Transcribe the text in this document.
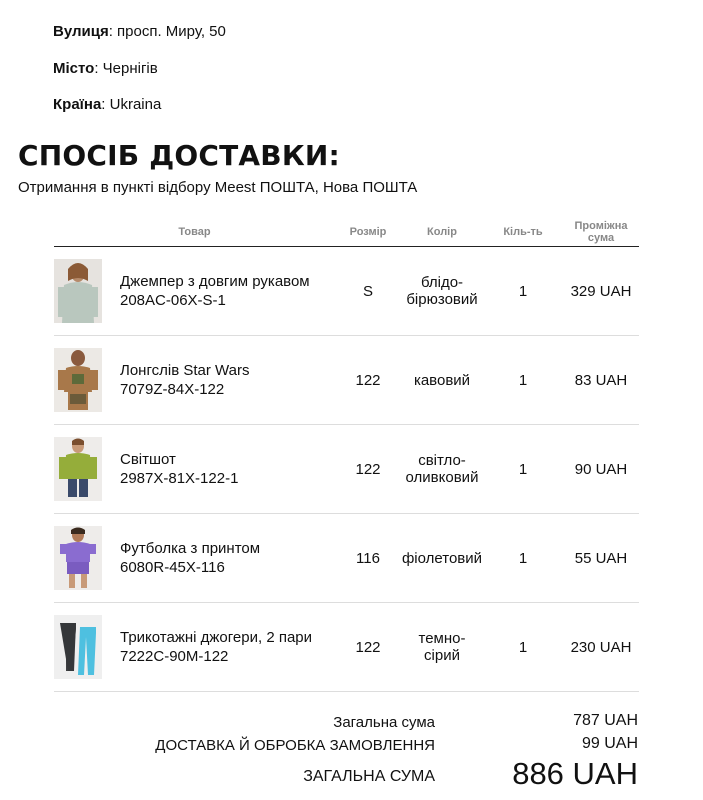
Вулиця: просп. Миру, 50
Місто: Чернігів
Країна: Ukraina
СПОСІБ ДОСТАВКИ:
Отримання в пункті відбору Meest ПОШТА, Нова ПОШТА
Товар		Розмір	Колір	Кіль-ть	Проміжна сума

	Джемпер з довгим рукавом
208AC-06X-S-1	S	блідо-бірюзовий	1	329 UAH

	Лонгслів Star Wars
7079Z-84X-122	122	кавовий	1	83 UAH

	Світшот
2987X-81X-122-1	122	світло-оливковий	1	90 UAH

	Футболка з принтом
6080R-45X-116	116	фіолетовий	1	55 UAH

	Трикотажні джогери, 2 пари
7222C-90M-122	122	темно-сірий	1	230 UAH
Загальна сума	787 UAH
ДОСТАВКА Й ОБРОБКА ЗАМОВЛЕННЯ	99 UAH
ЗАГАЛЬНА СУМА 886 UAH
